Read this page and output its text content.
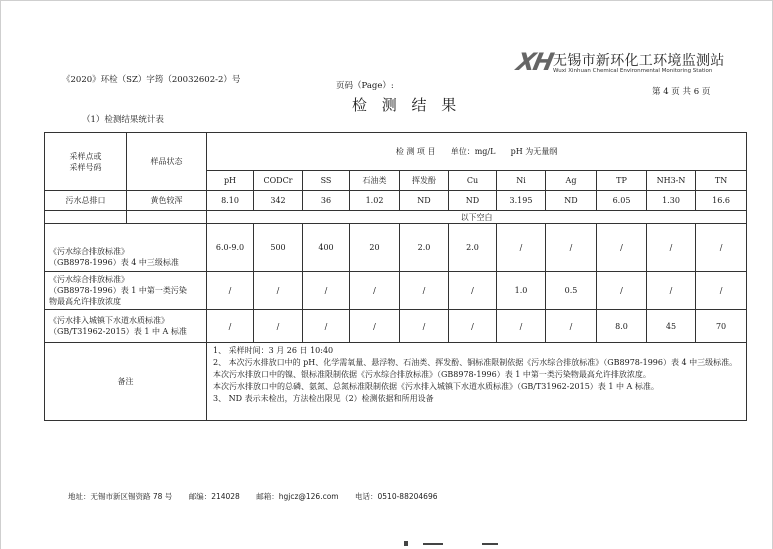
XH
无锡市新环化工环境监测站
Wuxi Xinhuan Chemical Environmental Monitoring Station
《2020》环检（SZ）字筠（20032602-2）号
页码（Page）:
第 4 页 共 6 页
检 测 结 果
（1）检测结果统计表
采样点或
采样号码	样品状态	检 测 项 目      单位：mg/L      pH 为无量纲										
		pH	CODCr	SS	石油类	挥发酚	Cu	Ni	Ag	TP	NH3-N	TN
污水总排口	黄色较浑	8.10	342	36	1.02	ND	ND	3.195	ND	6.05	1.30	16.6
		以下空白										
《污水综合排放标准》
（GB8978-1996）表 4 中三级标准		6.0-9.0	500	400	20	2.0	2.0	/	/	/	/	/
《污水综合排放标准》
（GB8978-1996）表 1 中第一类污染
物最高允许排放浓度		/	/	/	/	/	/	1.0	0.5	/	/	/
《污水排入城镇下水道水质标准》
（GB/T31962-2015）表 1 中 A 标准		/	/	/	/	/	/	/	/	8.0	45	70
备注		1、 采样时间：3 月 26 日 10:40
2、 本次污水排放口中的 pH、化学需氧量、悬浮物、石油类、挥发酚、铜标准限制依据《污水综合排放标准》（GB8978-1996）表 4 中三级标准。
本次污水排放口中的镍、银标准限制依据《污水综合排放标准》（GB8978-1996）表 1 中第一类污染物最高允许排放浓度。
本次污水排放口中的总磷、氨氮、总氮标准限制依据《污水排入城镇下水道水质标准》（GB/T31962-2015）表 1 中 A 标准。
3、 ND 表示未检出，方法检出限见（2）检测依据和所用设备										
地址：无锡市新区锡资路 78 号 邮编：214028 邮箱：hgjcz@126.com 电话：0510-88204696
